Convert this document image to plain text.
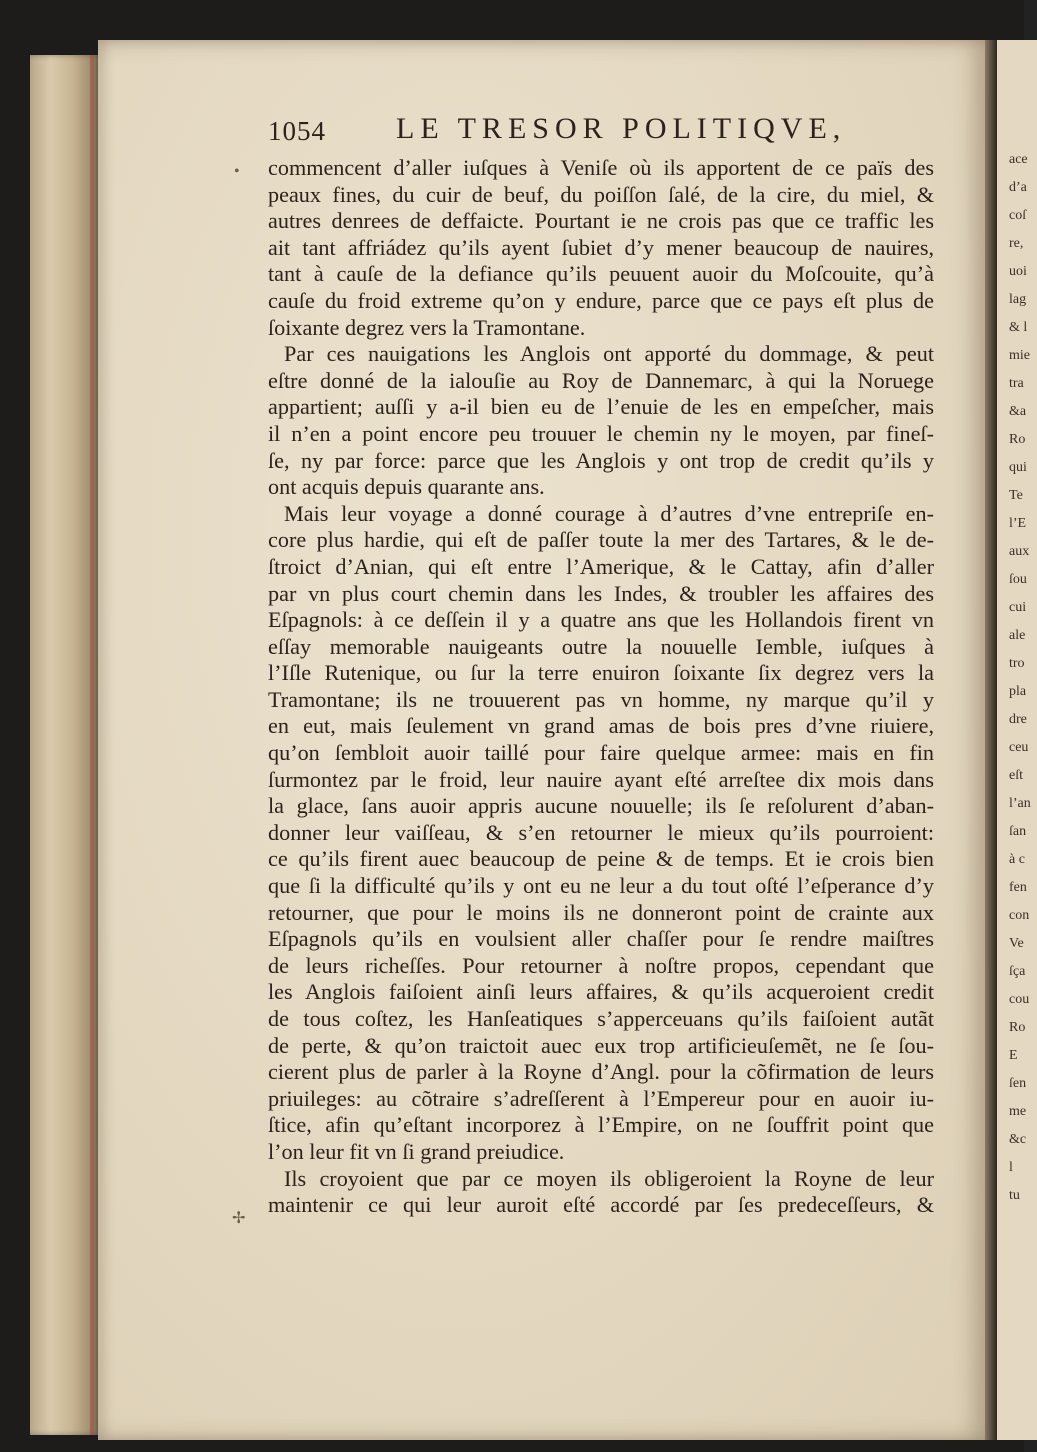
ace
d’a
coſ
re,
uoi
lag
& l
mie
tra
&a
Ro
qui
Te
l’E
aux
ſou
cui
ale
tro
pla
dre
ceu
eſt
l’an
ſan
à c
fen
con
Ve
ſça
cou
Ro
E
ſen
me
&c
l
tu
1054 LE TRESOR POLITIQVE,
commencent d’aller iuſques à Veniſe où ils apportent de ce païs des
peaux fines, du cuir de beuf, du poiſſon ſalé, de la cire, du miel, &
autres denrees de deffaicte. Pourtant ie ne crois pas que ce traffic les
ait tant affriádez qu’ils ayent ſubiet d’y mener beaucoup de nauires,
tant à cauſe de la defiance qu’ils peuuent auoir du Moſcouite, qu’à
cauſe du froid extreme qu’on y endure, parce que ce pays eſt plus de
ſoixante degrez vers la Tramontane.
Par ces nauigations les Anglois ont apporté du dommage, & peut
eſtre donné de la ialouſie au Roy de Dannemarc, à qui la Noruege
appartient; auſſi y a-il bien eu de l’enuie de les en empeſcher, mais
il n’en a point encore peu trouuer le chemin ny le moyen, par fineſ-
ſe, ny par force: parce que les Anglois y ont trop de credit qu’ils y
ont acquis depuis quarante ans.
Mais leur voyage a donné courage à d’autres d’vne entrepriſe en-
core plus hardie, qui eſt de paſſer toute la mer des Tartares, & le de-
ſtroict d’Anian, qui eſt entre l’Amerique, & le Cattay, afin d’aller
par vn plus court chemin dans les Indes, & troubler les affaires des
Eſpagnols: à ce deſſein il y a quatre ans que les Hollandois firent vn
eſſay memorable nauigeants outre la nouuelle Iemble, iuſques à
l’Iſle Rutenique, ou ſur la terre enuiron ſoixante ſix degrez vers la
Tramontane; ils ne trouuerent pas vn homme, ny marque qu’il y
en eut, mais ſeulement vn grand amas de bois pres d’vne riuiere,
qu’on ſembloit auoir taillé pour faire quelque armee: mais en fin
ſurmontez par le froid, leur nauire ayant eſté arreſtee dix mois dans
la glace, ſans auoir appris aucune nouuelle; ils ſe reſolurent d’aban-
donner leur vaiſſeau, & s’en retourner le mieux qu’ils pourroient:
ce qu’ils firent auec beaucoup de peine & de temps. Et ie crois bien
que ſi la difficulté qu’ils y ont eu ne leur a du tout oſté l’eſperance d’y
retourner, que pour le moins ils ne donneront point de crainte aux
Eſpagnols qu’ils en voulsient aller chaſſer pour ſe rendre maiſtres
de leurs richeſſes. Pour retourner à noſtre propos, cependant que
les Anglois faiſoient ainſi leurs affaires, & qu’ils acqueroient credit
de tous coſtez, les Hanſeatiques s’apperceuans qu’ils faiſoient autãt
de perte, & qu’on traictoit auec eux trop artificieuſemẽt, ne ſe ſou-
cierent plus de parler à la Royne d’Angl. pour la cõfirmation de leurs
priuileges: au cõtraire s’adreſſerent à l’Empereur pour en auoir iu-
ſtice, afin qu’eſtant incorporez à l’Empire, on ne ſouffrit point que
l’on leur fit vn ſi grand preiudice.
Ils croyoient que par ce moyen ils obligeroient la Royne de leur
maintenir ce qui leur auroit eſté accordé par ſes predeceſſeurs, &
•
✢
